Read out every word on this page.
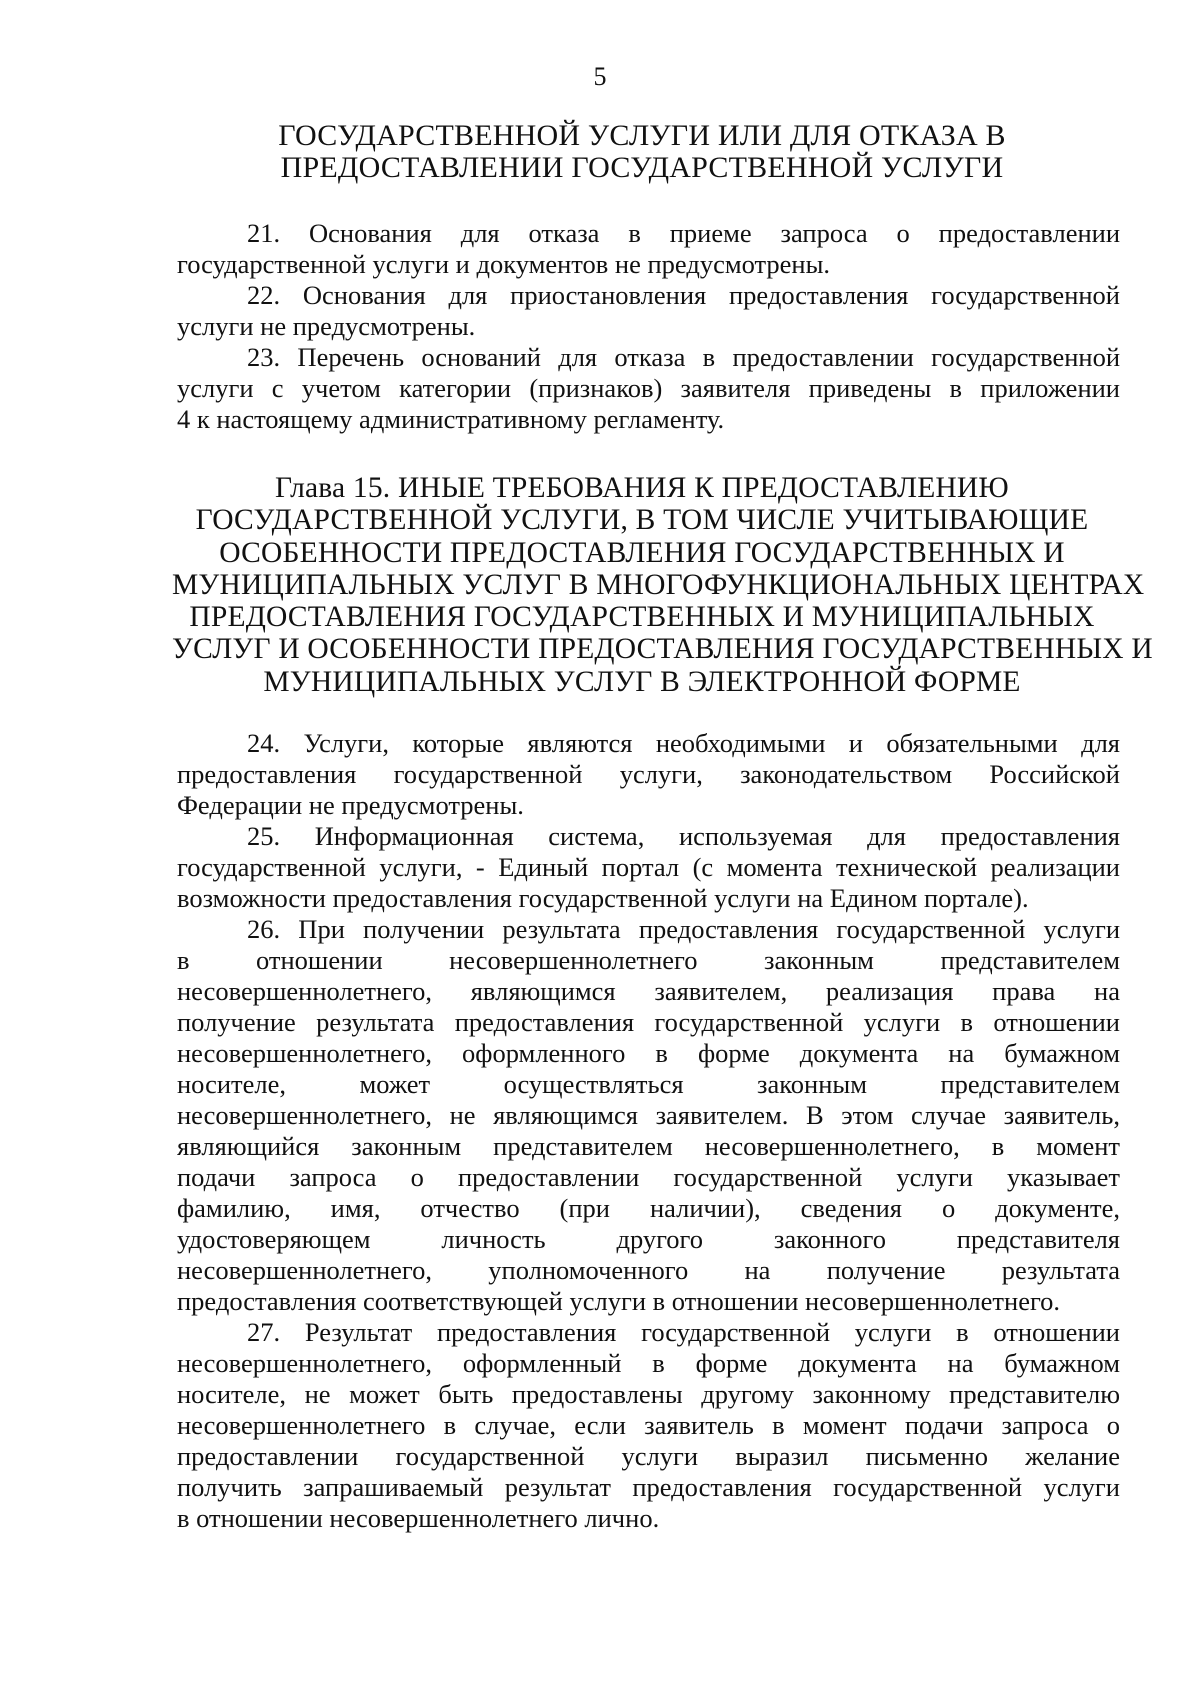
5
ГОСУДАРСТВЕННОЙ УСЛУГИ ИЛИ ДЛЯ ОТКАЗА В
ПРЕДОСТАВЛЕНИИ ГОСУДАРСТВЕННОЙ УСЛУГИ
21. Основания для отказа в приеме запроса о предоставлении
государственной услуги и документов не предусмотрены.
22. Основания для приостановления предоставления государственной
услуги не предусмотрены.
23. Перечень оснований для отказа в предоставлении государственной
услуги с учетом категории (признаков) заявителя приведены в приложении
4 к настоящему административному регламенту.
Глава 15. ИНЫЕ ТРЕБОВАНИЯ К ПРЕДОСТАВЛЕНИЮ
ГОСУДАРСТВЕННОЙ УСЛУГИ, В ТОМ ЧИСЛЕ УЧИТЫВАЮЩИЕ
ОСОБЕННОСТИ ПРЕДОСТАВЛЕНИЯ ГОСУДАРСТВЕННЫХ И
МУНИЦИПАЛЬНЫХ УСЛУГ В МНОГОФУНКЦИОНАЛЬНЫХ ЦЕНТРАХ
ПРЕДОСТАВЛЕНИЯ ГОСУДАРСТВЕННЫХ И МУНИЦИПАЛЬНЫХ
УСЛУГ И ОСОБЕННОСТИ ПРЕДОСТАВЛЕНИЯ ГОСУДАРСТВЕННЫХ И
МУНИЦИПАЛЬНЫХ УСЛУГ В ЭЛЕКТРОННОЙ ФОРМЕ
24. Услуги, которые являются необходимыми и обязательными для
предоставления государственной услуги, законодательством Российской
Федерации не предусмотрены.
25. Информационная система, используемая для предоставления
государственной услуги, - Единый портал (с момента технической реализации
возможности предоставления государственной услуги на Едином портале).
26. При получении результата предоставления государственной услуги
в отношении несовершеннолетнего законным представителем
несовершеннолетнего, являющимся заявителем, реализация права на
получение результата предоставления государственной услуги в отношении
несовершеннолетнего, оформленного в форме документа на бумажном
носителе, может осуществляться законным представителем
несовершеннолетнего, не являющимся заявителем. В этом случае заявитель,
являющийся законным представителем несовершеннолетнего, в момент
подачи запроса о предоставлении государственной услуги указывает
фамилию, имя, отчество (при наличии), сведения о документе,
удостоверяющем личность другого законного представителя
несовершеннолетнего, уполномоченного на получение результата
предоставления соответствующей услуги в отношении несовершеннолетнего.
27. Результат предоставления государственной услуги в отношении
несовершеннолетнего, оформленный в форме документа на бумажном
носителе, не может быть предоставлены другому законному представителю
несовершеннолетнего в случае, если заявитель в момент подачи запроса о
предоставлении государственной услуги выразил письменно желание
получить запрашиваемый результат предоставления государственной услуги
в отношении несовершеннолетнего лично.
